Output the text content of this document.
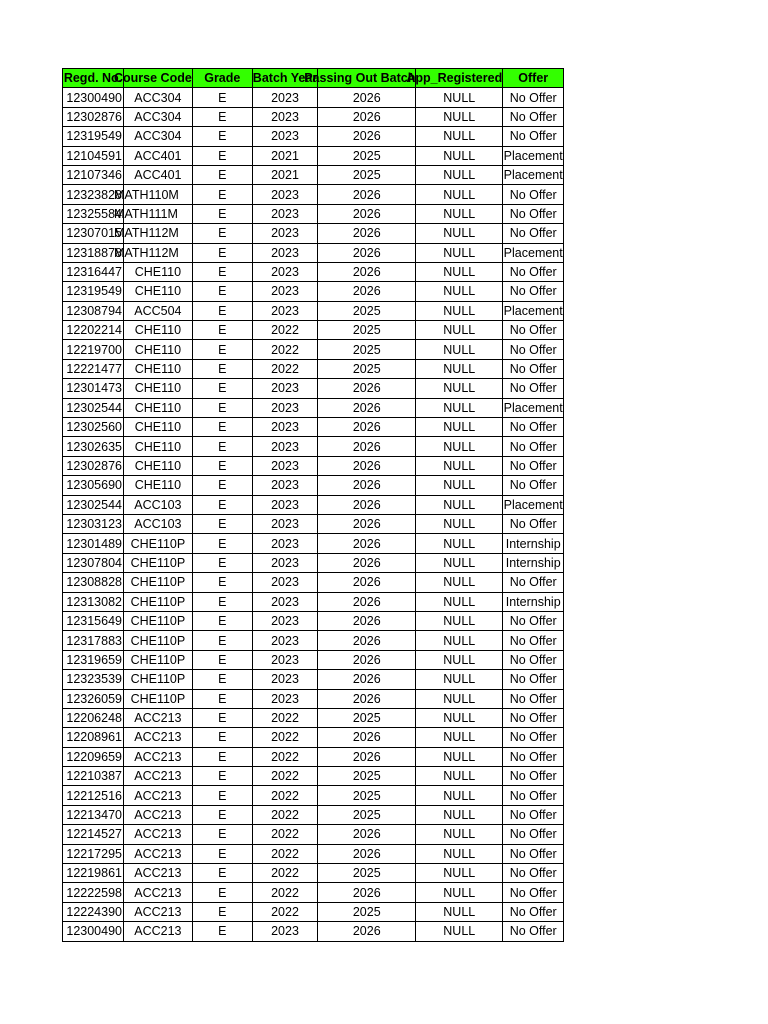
Regd. No.	Course Code	Grade	Batch Year	Passing Out Batch	App_Registered	Offer
12300490	ACC304	E	2023	2026	NULL	No Offer
12302876	ACC304	E	2023	2026	NULL	No Offer
12319549	ACC304	E	2023	2026	NULL	No Offer
12104591	ACC401	E	2021	2025	NULL	Placement
12107346	ACC401	E	2021	2025	NULL	Placement
12323828	MATH110M	E	2023	2026	NULL	No Offer
12325584	MATH111M	E	2023	2026	NULL	No Offer
12307015	MATH112M	E	2023	2026	NULL	No Offer
12318878	MATH112M	E	2023	2026	NULL	Placement
12316447	CHE110	E	2023	2026	NULL	No Offer
12319549	CHE110	E	2023	2026	NULL	No Offer
12308794	ACC504	E	2023	2025	NULL	Placement
12202214	CHE110	E	2022	2025	NULL	No Offer
12219700	CHE110	E	2022	2025	NULL	No Offer
12221477	CHE110	E	2022	2025	NULL	No Offer
12301473	CHE110	E	2023	2026	NULL	No Offer
12302544	CHE110	E	2023	2026	NULL	Placement
12302560	CHE110	E	2023	2026	NULL	No Offer
12302635	CHE110	E	2023	2026	NULL	No Offer
12302876	CHE110	E	2023	2026	NULL	No Offer
12305690	CHE110	E	2023	2026	NULL	No Offer
12302544	ACC103	E	2023	2026	NULL	Placement
12303123	ACC103	E	2023	2026	NULL	No Offer
12301489	CHE110P	E	2023	2026	NULL	Internship
12307804	CHE110P	E	2023	2026	NULL	Internship
12308828	CHE110P	E	2023	2026	NULL	No Offer
12313082	CHE110P	E	2023	2026	NULL	Internship
12315649	CHE110P	E	2023	2026	NULL	No Offer
12317883	CHE110P	E	2023	2026	NULL	No Offer
12319659	CHE110P	E	2023	2026	NULL	No Offer
12323539	CHE110P	E	2023	2026	NULL	No Offer
12326059	CHE110P	E	2023	2026	NULL	No Offer
12206248	ACC213	E	2022	2025	NULL	No Offer
12208961	ACC213	E	2022	2026	NULL	No Offer
12209659	ACC213	E	2022	2026	NULL	No Offer
12210387	ACC213	E	2022	2025	NULL	No Offer
12212516	ACC213	E	2022	2025	NULL	No Offer
12213470	ACC213	E	2022	2025	NULL	No Offer
12214527	ACC213	E	2022	2026	NULL	No Offer
12217295	ACC213	E	2022	2026	NULL	No Offer
12219861	ACC213	E	2022	2025	NULL	No Offer
12222598	ACC213	E	2022	2026	NULL	No Offer
12224390	ACC213	E	2022	2025	NULL	No Offer
12300490	ACC213	E	2023	2026	NULL	No Offer
